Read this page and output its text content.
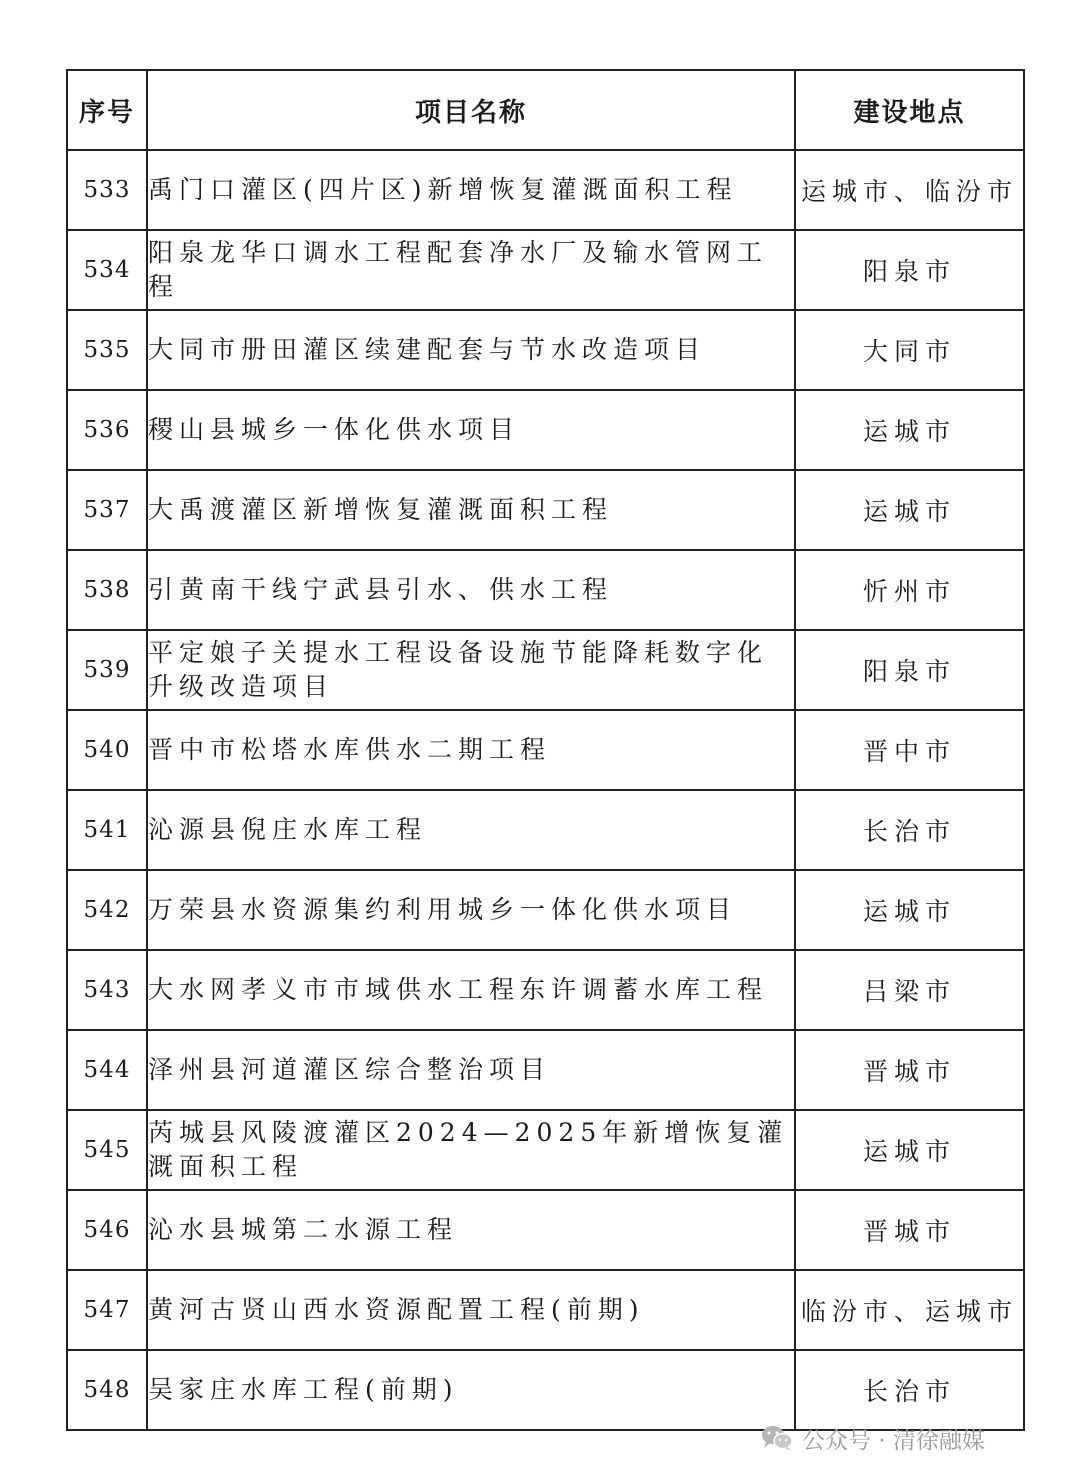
序号	项目名称	建设地点
533	禹门口灌区(四片区)新增恢复灌溉面积工程	运城市、临汾市
534	阳泉龙华口调水工程配套净水厂及输水管网工程	阳泉市
535	大同市册田灌区续建配套与节水改造项目	大同市
536	稷山县城乡一体化供水项目	运城市
537	大禹渡灌区新增恢复灌溉面积工程	运城市
538	引黄南干线宁武县引水、供水工程	忻州市
539	平定娘子关提水工程设备设施节能降耗数字化升级改造项目	阳泉市
540	晋中市松塔水库供水二期工程	晋中市
541	沁源县倪庄水库工程	长治市
542	万荣县水资源集约利用城乡一体化供水项目	运城市
543	大水网孝义市市域供水工程东许调蓄水库工程	吕梁市
544	泽州县河道灌区综合整治项目	晋城市
545	芮城县风陵渡灌区2024—2025年新增恢复灌溉面积工程	运城市
546	沁水县城第二水源工程	晋城市
547	黄河古贤山西水资源配置工程(前期)	临汾市、运城市
548	吴家庄水库工程(前期)	长治市
公众号 · 清徐融媒
